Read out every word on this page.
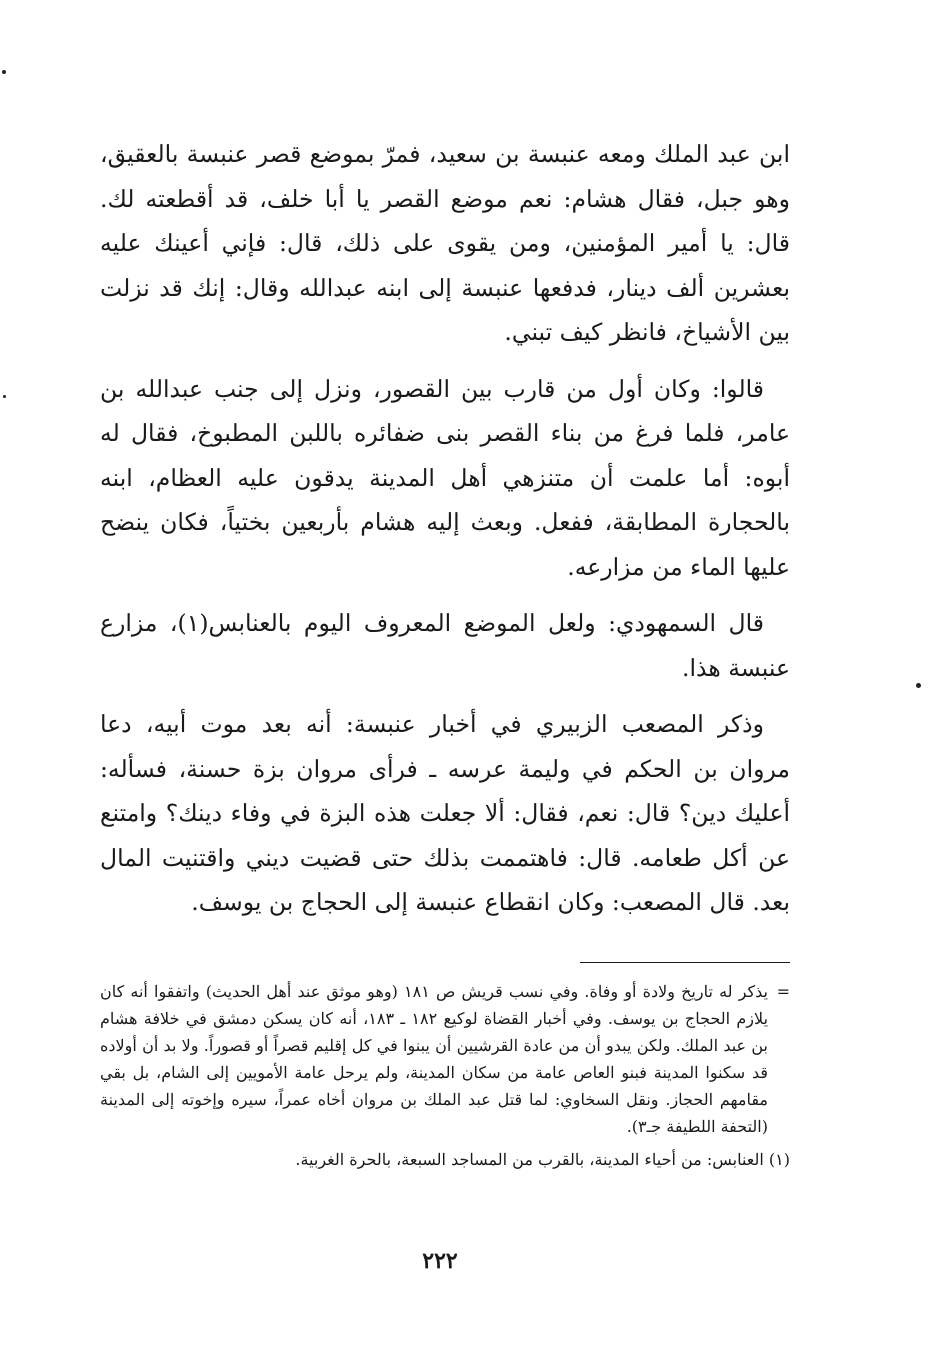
ابن عبد الملك ومعه عنبسة بن سعيد، فمرّ بموضع قصر عنبسة بالعقيق، وهو جبل، فقال هشام: نعم موضع القصر يا أبا خلف، قد أقطعته لك. قال: يا أمير المؤمنين، ومن يقوى على ذلك، قال: فإني أعينك عليه بعشرين ألف دينار، فدفعها عنبسة إلى ابنه عبدالله وقال: إنك قد نزلت بين الأشياخ، فانظر كيف تبني.

قالوا: وكان أول من قارب بين القصور، ونزل إلى جنب عبدالله بن عامر، فلما فرغ من بناء القصر بنى ضفائره باللبن المطبوخ، فقال له أبوه: أما علمت أن متنزهي أهل المدينة يدقون عليه العظام، ابنه بالحجارة المطابقة، ففعل. وبعث إليه هشام بأربعين بختياً، فكان ينضح عليها الماء من مزارعه.

قال السمهودي: ولعل الموضع المعروف اليوم بالعنابس(١)، مزارع عنبسة هذا.

وذكر المصعب الزبيري في أخبار عنبسة: أنه بعد موت أبيه، دعا مروان بن الحكم في وليمة عرسه ـ فرأى مروان بزة حسنة، فسأله: أعليك دين؟ قال: نعم، فقال: ألا جعلت هذه البزة في وفاء دينك؟ وامتنع عن أكل طعامه. قال: فاهتممت بذلك حتى قضيت ديني واقتنيت المال بعد. قال المصعب: وكان انقطاع عنبسة إلى الحجاج بن يوسف.

=
يذكر له تاريخ ولادة أو وفاة. وفي نسب قريش ص ١٨١ (وهو موثق عند أهل الحديث) واتفقوا أنه كان يلازم الحجاج بن يوسف. وفي أخبار القضاة لوكيع ١٨٢ ـ ١٨٣، أنه كان يسكن دمشق في خلافة هشام بن عبد الملك. ولكن يبدو أن من عادة القرشيين أن يبنوا في كل إقليم قصراً أو قصوراً. ولا بد أن أولاده قد سكنوا المدينة فبنو العاص عامة من سكان المدينة، ولم يرحل عامة الأمويين إلى الشام، بل بقي مقامهم الحجاز. ونقل السخاوي: لما قتل عبد الملك بن مروان أخاه عمراً، سيره وإخوته إلى المدينة (التحفة اللطيفة جـ٣).

(١) العنابس: من أحياء المدينة، بالقرب من المساجد السبعة، بالحرة الغربية.

٢٢٢
